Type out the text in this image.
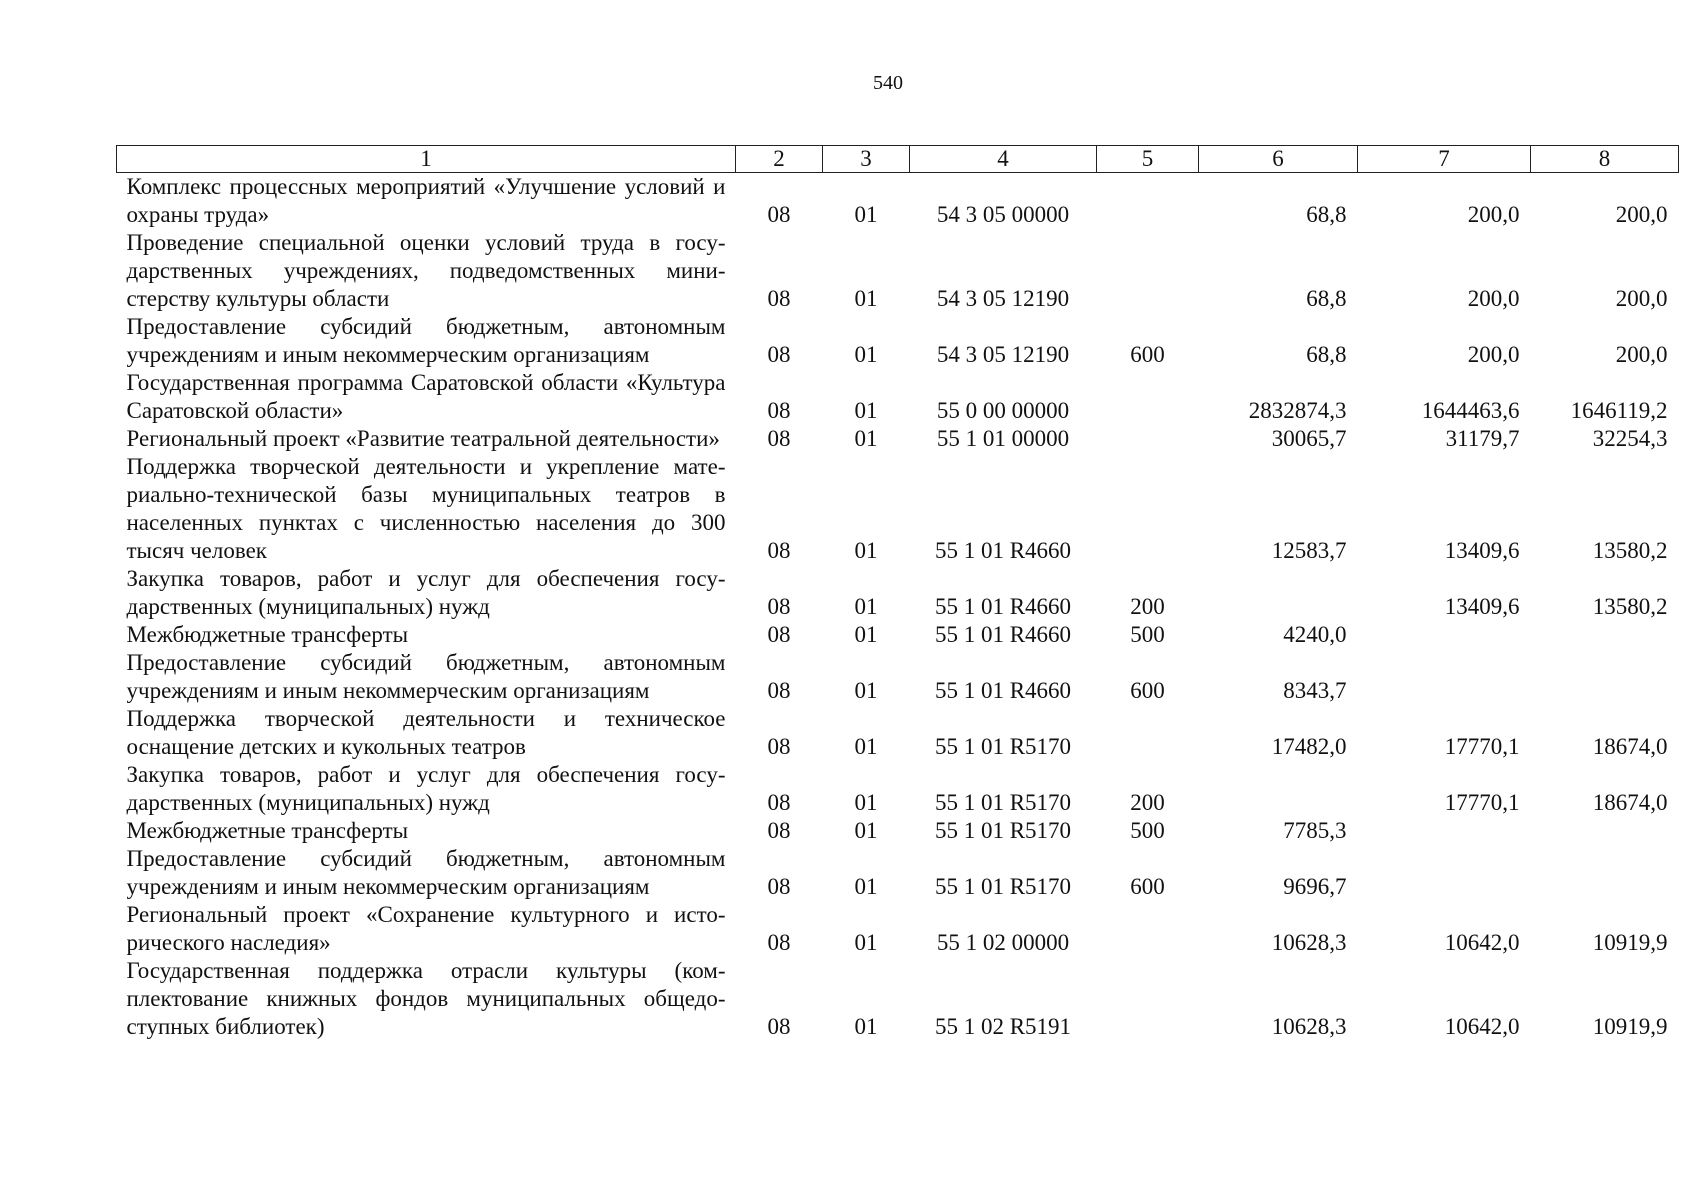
540
1	2	3	4	5	6	7	8
Комплекс процессных мероприятий «Улучшение условий и охраны труда»	08	01	54 3 05 00000		68,8	200,0	200,0
Проведение специальной оценки условий труда в государственных учреждениях, подведомственных министерству культуры области	08	01	54 3 05 12190		68,8	200,0	200,0
Предоставление субсидий бюджетным, автономным учреждениям и иным некоммерческим организациям	08	01	54 3 05 12190	600	68,8	200,0	200,0
Государственная программа Саратовской области «Культура Саратовской области»	08	01	55 0 00 00000		2832874,3	1644463,6	1646119,2
Региональный проект «Развитие театральной деятельности»	08	01	55 1 01 00000		30065,7	31179,7	32254,3
Поддержка творческой деятельности и укрепление материально-технической базы муниципальных театров в населенных пунктах с численностью населения до 300 тысяч человек	08	01	55 1 01 R4660		12583,7	13409,6	13580,2
Закупка товаров, работ и услуг для обеспечения государственных (муниципальных) нужд	08	01	55 1 01 R4660	200		13409,6	13580,2
Межбюджетные трансферты	08	01	55 1 01 R4660	500	4240,0		
Предоставление субсидий бюджетным, автономным учреждениям и иным некоммерческим организациям	08	01	55 1 01 R4660	600	8343,7		
Поддержка творческой деятельности и техническое оснащение детских и кукольных театров	08	01	55 1 01 R5170		17482,0	17770,1	18674,0
Закупка товаров, работ и услуг для обеспечения государственных (муниципальных) нужд	08	01	55 1 01 R5170	200		17770,1	18674,0
Межбюджетные трансферты	08	01	55 1 01 R5170	500	7785,3		
Предоставление субсидий бюджетным, автономным учреждениям и иным некоммерческим организациям	08	01	55 1 01 R5170	600	9696,7		
Региональный проект «Сохранение культурного и исторического наследия»	08	01	55 1 02 00000		10628,3	10642,0	10919,9
Государственная поддержка отрасли культуры (комплектование книжных фондов муниципальных общедоступных библиотек)	08	01	55 1 02 R5191		10628,3	10642,0	10919,9
